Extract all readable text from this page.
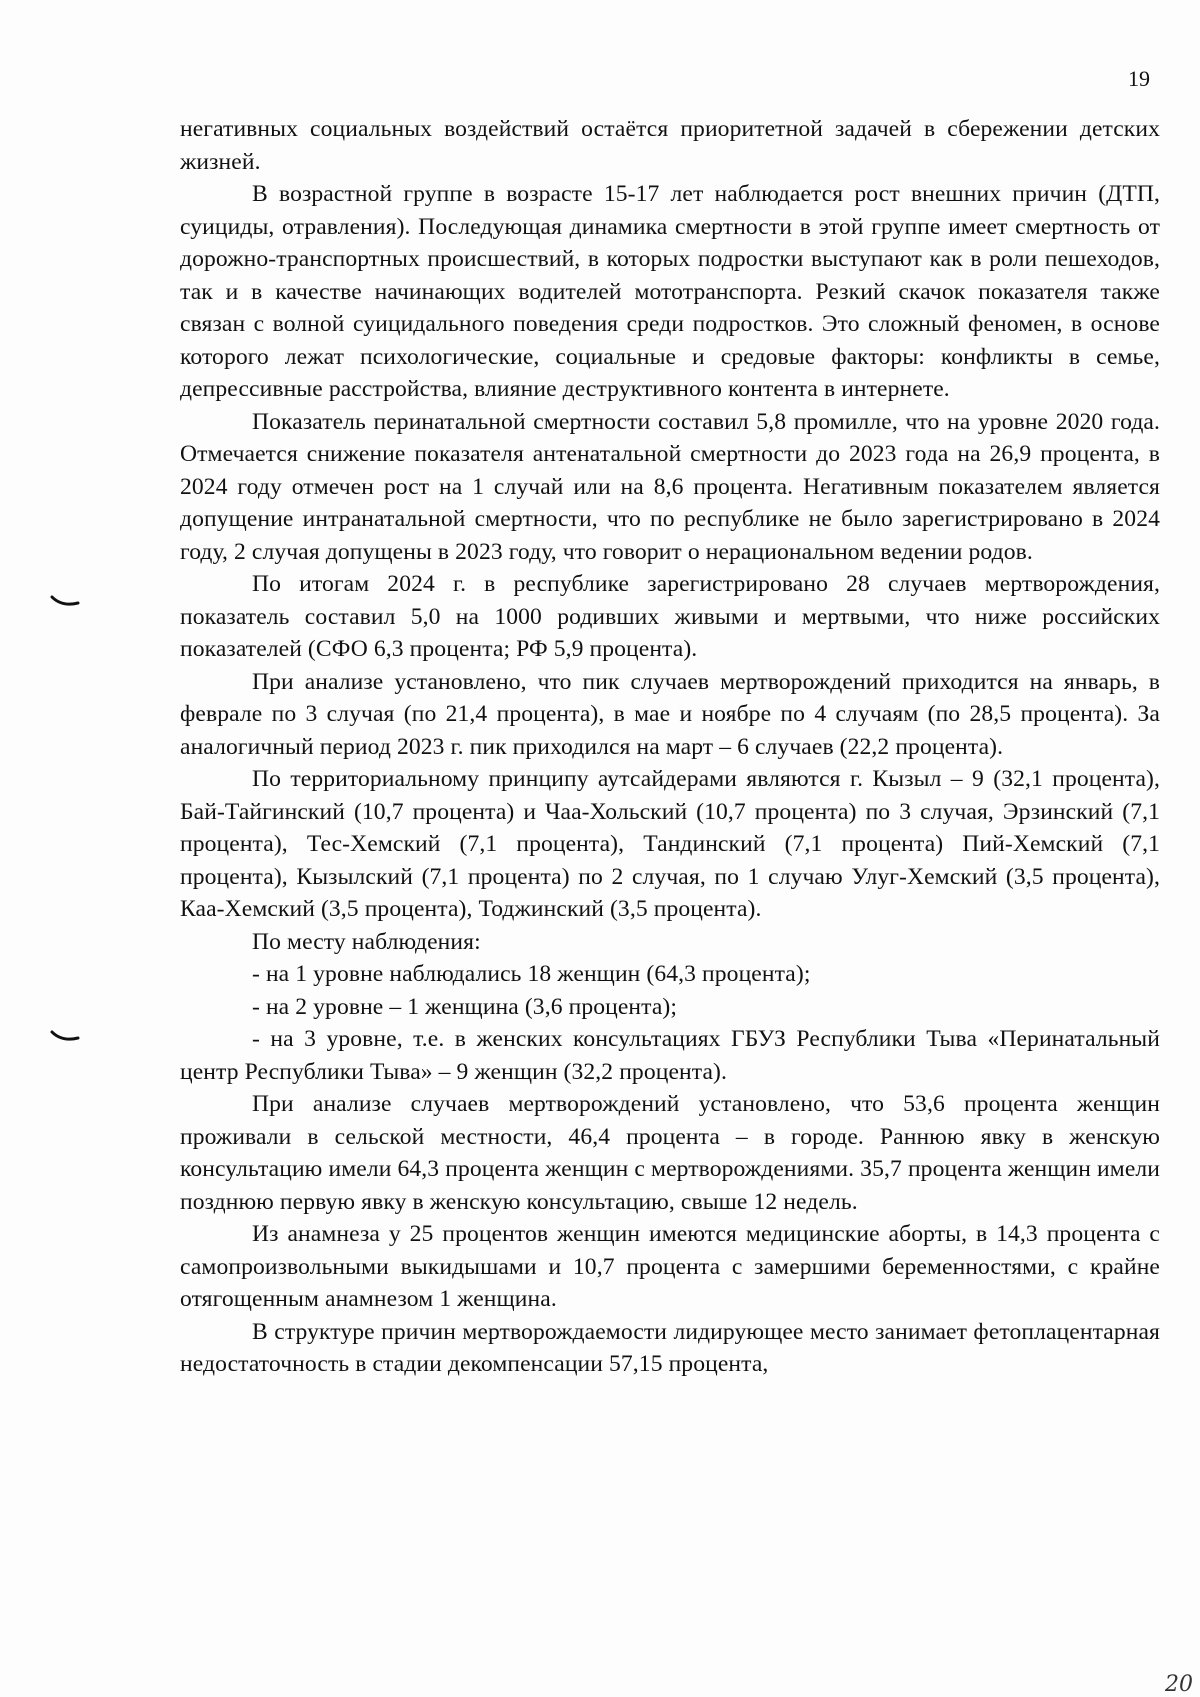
19

негативных социальных воздействий остаётся приоритетной задачей в сбережении детских жизней.

В возрастной группе в возрасте 15-17 лет наблюдается рост внешних причин (ДТП, суициды, отравления). Последующая динамика смертности в этой группе имеет смертность от дорожно-транспортных происшествий, в которых подростки выступают как в роли пешеходов, так и в качестве начинающих водителей мототранспорта. Резкий скачок показателя также связан с волной суицидального поведения среди подростков. Это сложный феномен, в основе которого лежат психологические, социальные и средовые факторы: конфликты в семье, депрессивные расстройства, влияние деструктивного контента в интернете.

Показатель перинатальной смертности составил 5,8 промилле, что на уровне 2020 года. Отмечается снижение показателя антенатальной смертности до 2023 года на 26,9 процента, в 2024 году отмечен рост на 1 случай или на 8,6 процента. Негативным показателем является допущение интранатальной смертности, что по республике не было зарегистрировано в 2024 году, 2 случая допущены в 2023 году, что говорит о нерациональном ведении родов.

По итогам 2024 г. в республике зарегистрировано 28 случаев мертворождения, показатель составил 5,0 на 1000 родивших живыми и мертвыми, что ниже российских показателей (СФО 6,3 процента; РФ 5,9 процента).

При анализе установлено, что пик случаев мертворождений приходится на январь, в феврале по 3 случая (по 21,4 процента), в мае и ноябре по 4 случаям (по 28,5 процента). За аналогичный период 2023 г. пик приходился на март – 6 случаев (22,2 процента).

По территориальному принципу аутсайдерами являются г. Кызыл – 9 (32,1 процента), Бай-Тайгинский (10,7 процента) и Чаа-Хольский (10,7 процента) по 3 случая, Эрзинский (7,1 процента), Тес-Хемский (7,1 процента), Тандинский (7,1 процента) Пий-Хемский (7,1 процента), Кызылский (7,1 процента) по 2 случая, по 1 случаю Улуг-Хемский (3,5 процента), Каа-Хемский (3,5 процента), Тоджинский (3,5 процента).

По месту наблюдения:

- на 1 уровне наблюдались 18 женщин (64,3 процента);

- на 2 уровне – 1 женщина (3,6 процента);

- на 3 уровне, т.е. в женских консультациях ГБУЗ Республики Тыва «Перинатальный центр Республики Тыва» – 9 женщин (32,2 процента).

При анализе случаев мертворождений установлено, что 53,6 процента женщин проживали в сельской местности, 46,4 процента – в городе. Раннюю явку в женскую консультацию имели 64,3 процента женщин с мертворождениями. 35,7 процента женщин имели позднюю первую явку в женскую консультацию, свыше 12 недель.

Из анамнеза у 25 процентов женщин имеются медицинские аборты, в 14,3 процента с самопроизвольными выкидышами и 10,7 процента с замершими беременностями, с крайне отягощенным анамнезом 1 женщина.

В структуре причин мертворождаемости лидирующее место занимает фетоплацентарная недостаточность в стадии декомпенсации 57,15 процента,

20
